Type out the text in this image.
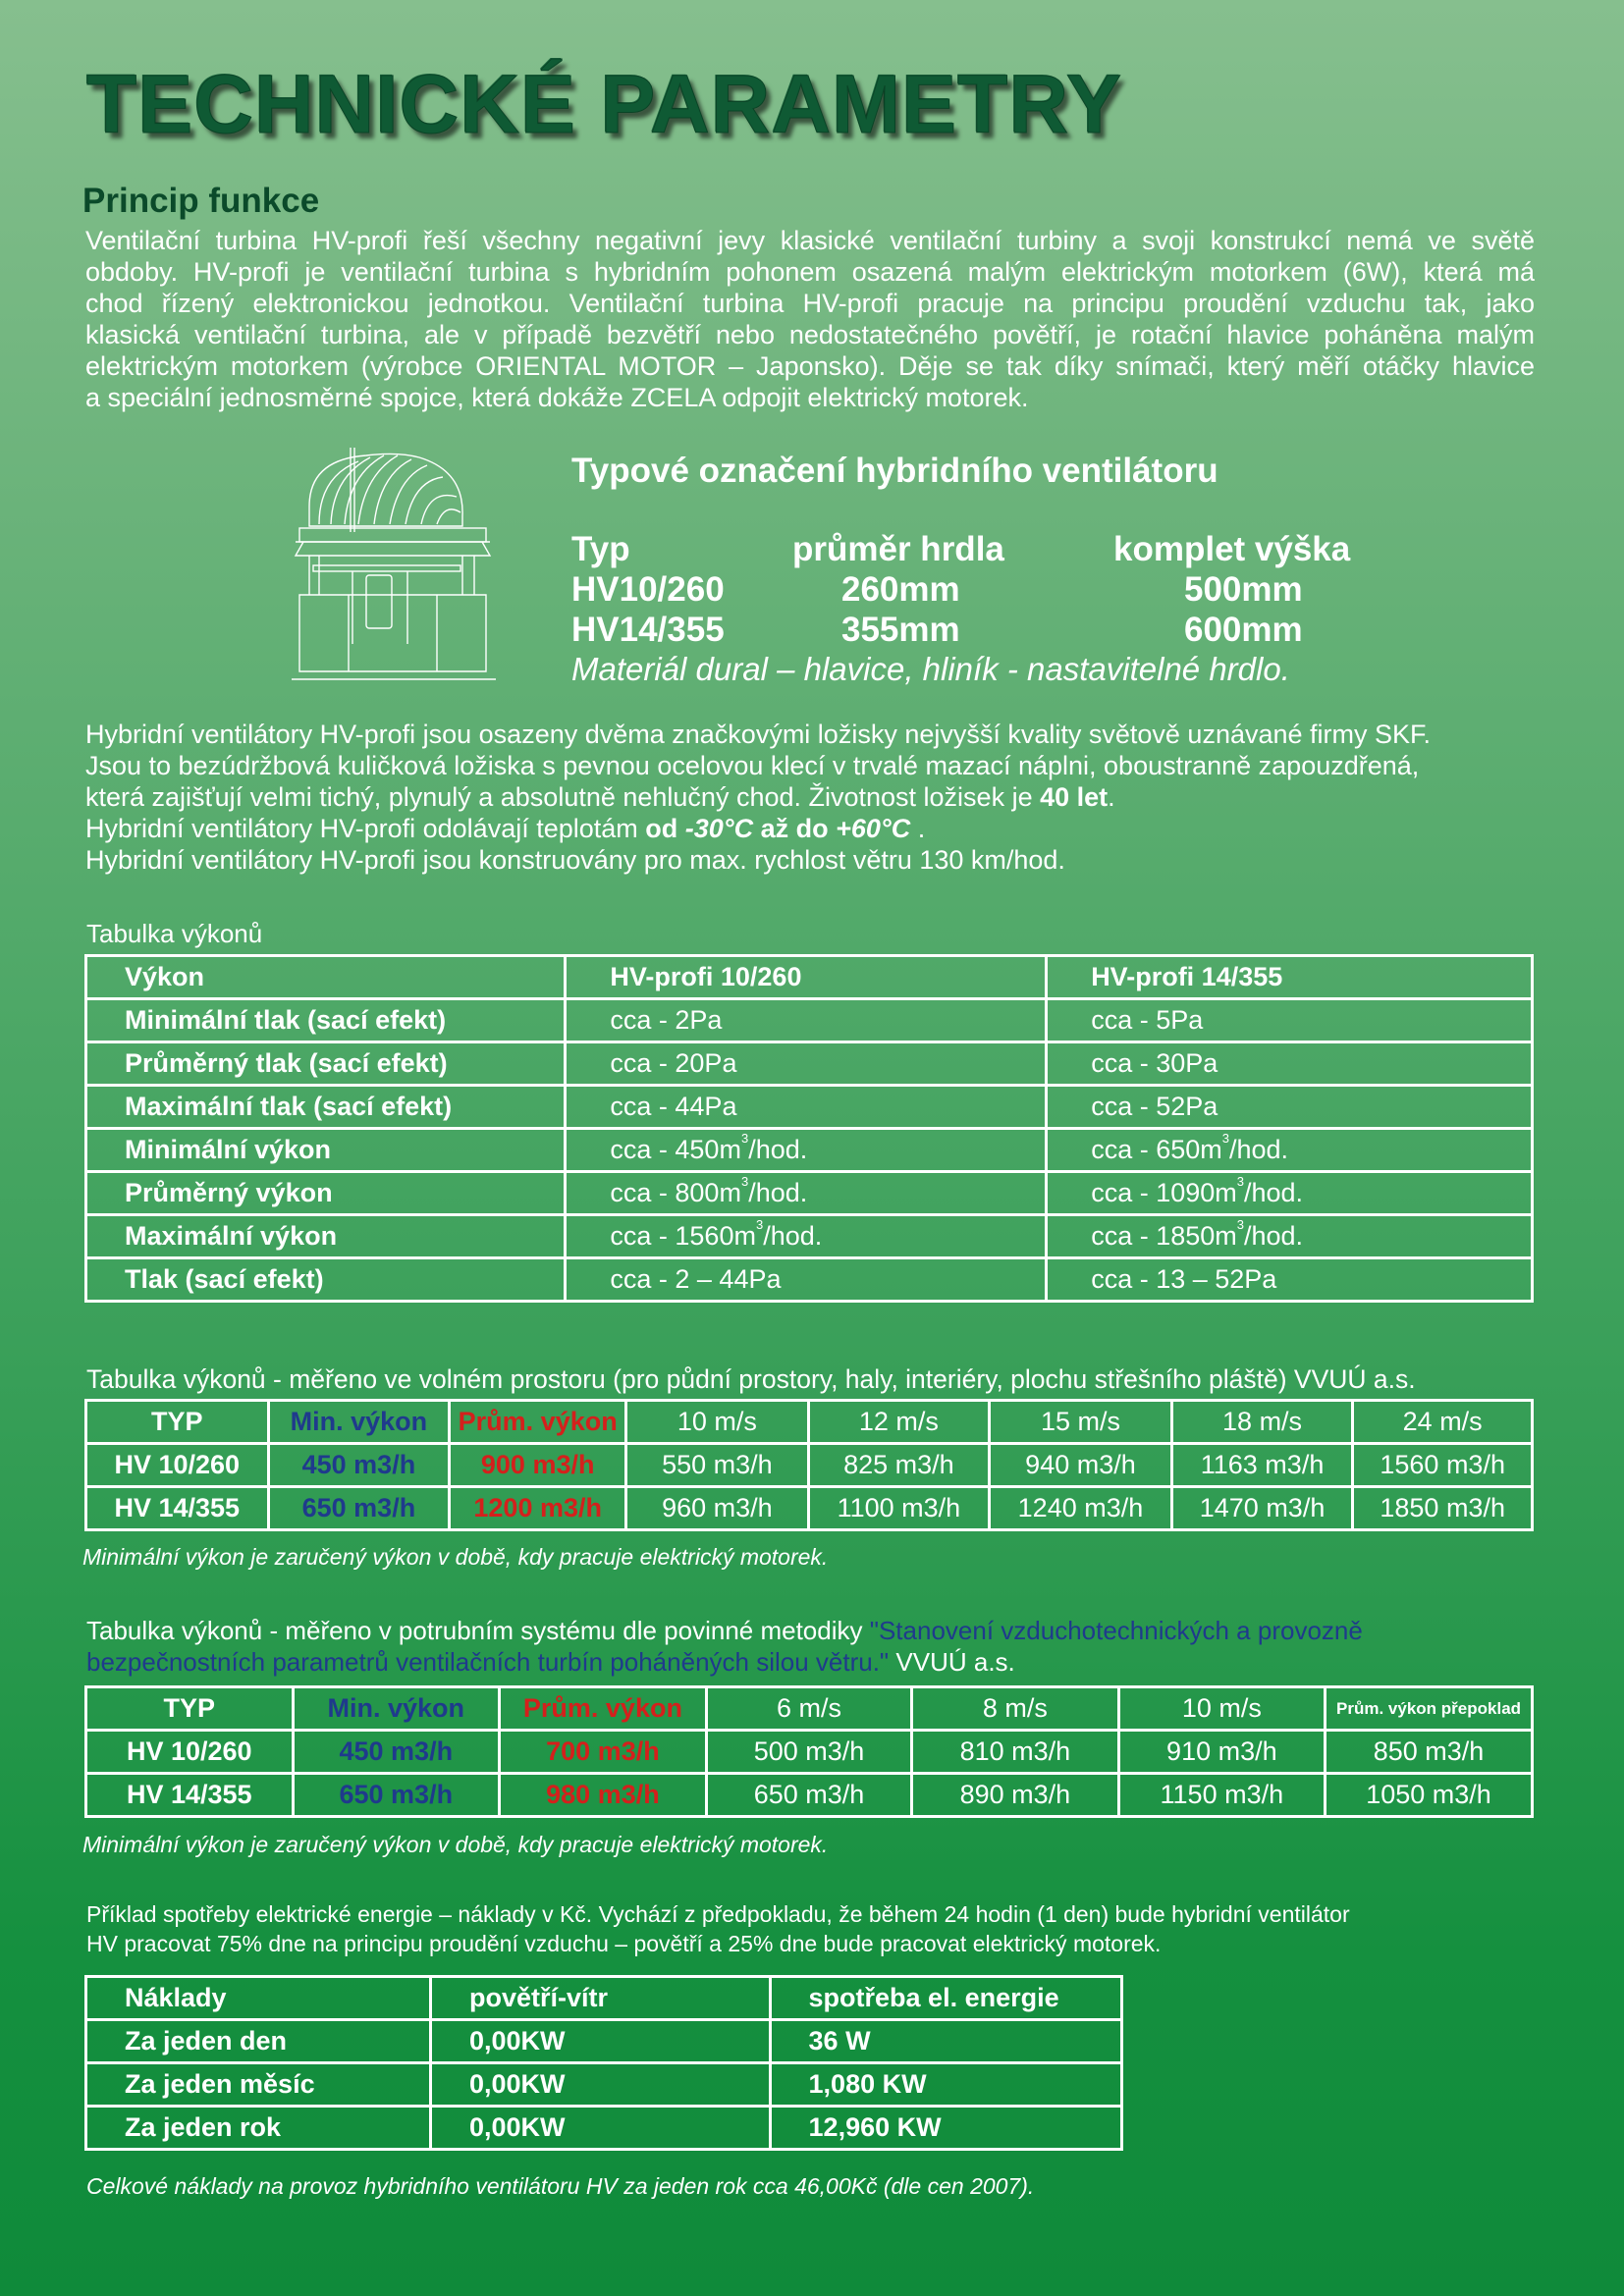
TECHNICKÉ PARAMETRY
Princip funkce
Ventilační turbina HV-profi řeší všechny negativní jevy klasické ventilační turbiny a svoji konstrukcí nemá ve světě
obdoby. HV-profi je ventilační turbina s hybridním pohonem osazená malým elektrickým motorkem (6W), která má
chod řízený elektronickou jednotkou. Ventilační turbina HV-profi pracuje na principu proudění vzduchu tak, jako
klasická ventilační turbina, ale v případě bezvětří nebo nedostatečného povětří, je rotační hlavice poháněna malým
elektrickým motorkem (výrobce ORIENTAL MOTOR – Japonsko). Děje se tak díky snímači, který měří otáčky hlavice
a speciální jednosměrné spojce, která dokáže ZCELA odpojit elektrický motorek.
Typové označení hybridního ventilátoru
Typ	průměr hrdla	komplet výška
HV10/260	260mm	500mm
HV14/355	355mm	600mm
Materiál dural – hlavice, hliník - nastavitelné hrdlo.
Hybridní ventilátory HV-profi jsou osazeny dvěma značkovými ložisky nejvyšší kvality světově uznávané firmy SKF.
Jsou to bezúdržbová kuličková ložiska s pevnou ocelovou klecí v trvalé mazací náplni, oboustranně zapouzdřená,
která zajišťují velmi tichý, plynulý a absolutně nehlučný chod. Životnost ložisek je 40 let.
Hybridní ventilátory HV-profi odolávají teplotám od -30°C až do +60°C .
Hybridní ventilátory HV-profi jsou konstruovány pro max. rychlost větru 130 km/hod.
Tabulka výkonů
Výkon	HV-profi 10/260	HV-profi 14/355
Minimální tlak (sací efekt)	cca - 2Pa	cca - 5Pa
Průměrný tlak (sací efekt)	cca - 20Pa	cca - 30Pa
Maximální tlak (sací efekt)	cca - 44Pa	cca - 52Pa
Minimální výkon	cca - $450m^3$/hod.	cca - $650m^3$/hod.
Průměrný výkon	cca - $800m^3$/hod.	cca - $1090m^3$/hod.
Maximální výkon	cca - $1560m^3$/hod.	cca - $1850m^3$/hod.
Tlak (sací efekt)	cca - 2 – 44Pa	cca - 13 – 52Pa
Tabulka výkonů - měřeno ve volném prostoru (pro půdní prostory, haly, interiéry, plochu střešního pláště) VVUÚ a.s.
TYP	Min. výkon	Prům. výkon	10 m/s	12 m/s	15 m/s	18 m/s	24 m/s
HV 10/260	450 m3/h	900 m3/h	550 m3/h	825 m3/h	940 m3/h	1163 m3/h	1560 m3/h
HV 14/355	650 m3/h	1200 m3/h	960 m3/h	1100 m3/h	1240 m3/h	1470 m3/h	1850 m3/h
Minimální výkon je zaručený výkon v době, kdy pracuje elektrický motorek.
Tabulka výkonů - měřeno v potrubním systému dle povinné metodiky "Stanovení vzduchotechnických a provozně
bezpečnostních parametrů ventilačních turbín poháněných silou větru." VVUÚ a.s.
TYP	Min. výkon	Prům. výkon	6 m/s	8 m/s	10 m/s	Prům. výkon přepoklad
HV 10/260	450 m3/h	700 m3/h	500 m3/h	810 m3/h	910 m3/h	850 m3/h
HV 14/355	650 m3/h	980 m3/h	650 m3/h	890 m3/h	1150 m3/h	1050 m3/h
Minimální výkon je zaručený výkon v době, kdy pracuje elektrický motorek.
Příklad spotřeby elektrické energie – náklady v Kč. Vychází z předpokladu, že během 24 hodin (1 den) bude hybridní ventilátor
HV pracovat 75% dne na principu proudění vzduchu – povětří a 25% dne bude pracovat elektrický motorek.
Náklady	povětří-vítr	spotřeba el. energie
Za jeden den	0,00KW	36 W
Za jeden měsíc	0,00KW	1,080 KW
Za jeden rok	0,00KW	12,960 KW
Celkové náklady na provoz hybridního ventilátoru HV za jeden rok cca 46,00Kč (dle cen 2007).
